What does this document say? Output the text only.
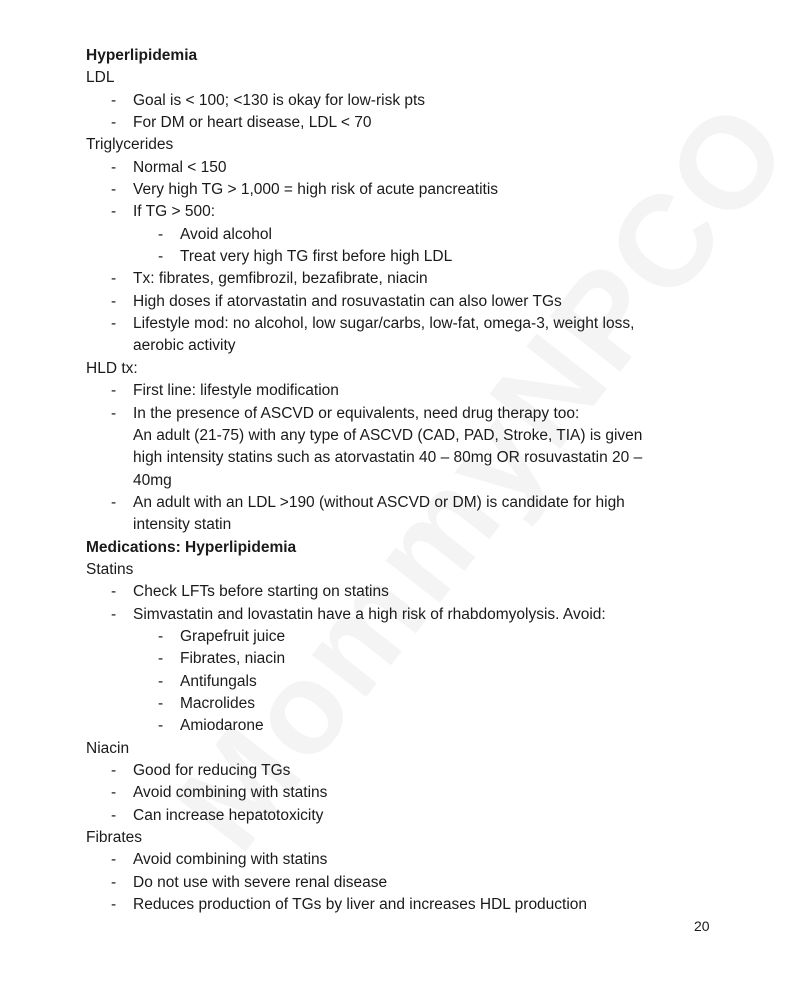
Hyperlipidemia
LDL
- Goal is < 100; <130 is okay for low-risk pts
- For DM or heart disease, LDL < 70
Triglycerides
- Normal < 150
- Very high TG > 1,000 = high risk of acute pancreatitis
- If TG > 500:
- Avoid alcohol
- Treat very high TG first before high LDL
- Tx: fibrates, gemfibrozil, bezafibrate, niacin
- High doses if atorvastatin and rosuvastatin can also lower TGs
- Lifestyle mod: no alcohol, low sugar/carbs, low-fat, omega-3, weight loss,
aerobic activity
HLD tx:
- First line: lifestyle modification
- In the presence of ASCVD or equivalents, need drug therapy too:
An adult (21-75) with any type of ASCVD (CAD, PAD, Stroke, TIA) is given
high intensity statins such as atorvastatin 40 – 80mg OR rosuvastatin 20 –
40mg
- An adult with an LDL >190 (without ASCVD or DM) is candidate for high
intensity statin
Medications: Hyperlipidemia
Statins
- Check LFTs before starting on statins
- Simvastatin and lovastatin have a high risk of rhabdomyolysis. Avoid:
- Grapefruit juice
- Fibrates, niacin
- Antifungals
- Macrolides
- Amiodarone
Niacin
- Good for reducing TGs
- Avoid combining with statins
- Can increase hepatotoxicity
Fibrates
- Avoid combining with statins
- Do not use with severe renal disease
- Reduces production of TGs by liver and increases HDL production
20
